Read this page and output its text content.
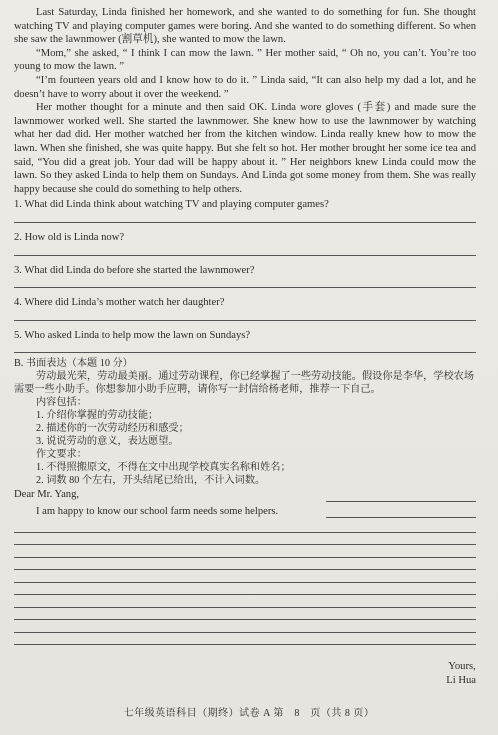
Last Saturday, Linda finished her homework, and she wanted to do something for fun. She thought watching TV and playing computer games were boring. And she wanted to do something different. So when she saw the lawnmower (割草机), she wanted to mow the lawn.

“Mom,” she asked, “ I think I can mow the lawn. ” Her mother said, “ Oh no, you can’t. You’re too young to mow the lawn. ”

“I’m fourteen years old and I know how to do it. ” Linda said, “It can also help my dad a lot, and he doesn’t have to worry about it over the weekend. ”

Her mother thought for a minute and then said OK. Linda wore gloves (手套) and made sure the lawnmower worked well. She started the lawnmower. She knew how to use the lawnmower by watching what her dad did. Her mother watched her from the kitchen window. Linda really knew how to mow the lawn. When she finished, she was quite happy. But she felt so hot. Her mother brought her some ice tea and said, “You did a great job. Your dad will be happy about it. ” Her neighbors knew Linda could mow the lawn. So they asked Linda to help them on Sundays. And Linda got some money from them. She was really happy because she could do something to help others.

1. What did Linda think about watching TV and playing computer games?
2. How old is Linda now?
3. What did Linda do before she started the lawnmower?
4. Where did Linda’s mother watch her daughter?
5. Who asked Linda to help mow the lawn on Sundays?

B. 书面表达（本题 10 分）

劳动最光荣，劳动最美丽。通过劳动课程，你已经掌握了一些劳动技能。假设你是李华，学校农场需要一些小助手。你想参加小助手应聘，请你写一封信给杨老师，推荐一下自己。

内容包括：

1. 介绍你掌握的劳动技能；

2. 描述你的一次劳动经历和感受；

3. 说说劳动的意义，表达愿望。

作文要求：

1. 不得照搬原文，不得在文中出现学校真实名称和姓名；

2. 词数 80 个左右，开头结尾已给出，不计入词数。

Dear Mr. Yang,
I am happy to know our school farm needs some helpers.
Yours,
Li Hua
七年级英语科目（期终）试卷 A 第　8　页（共 8 页）
